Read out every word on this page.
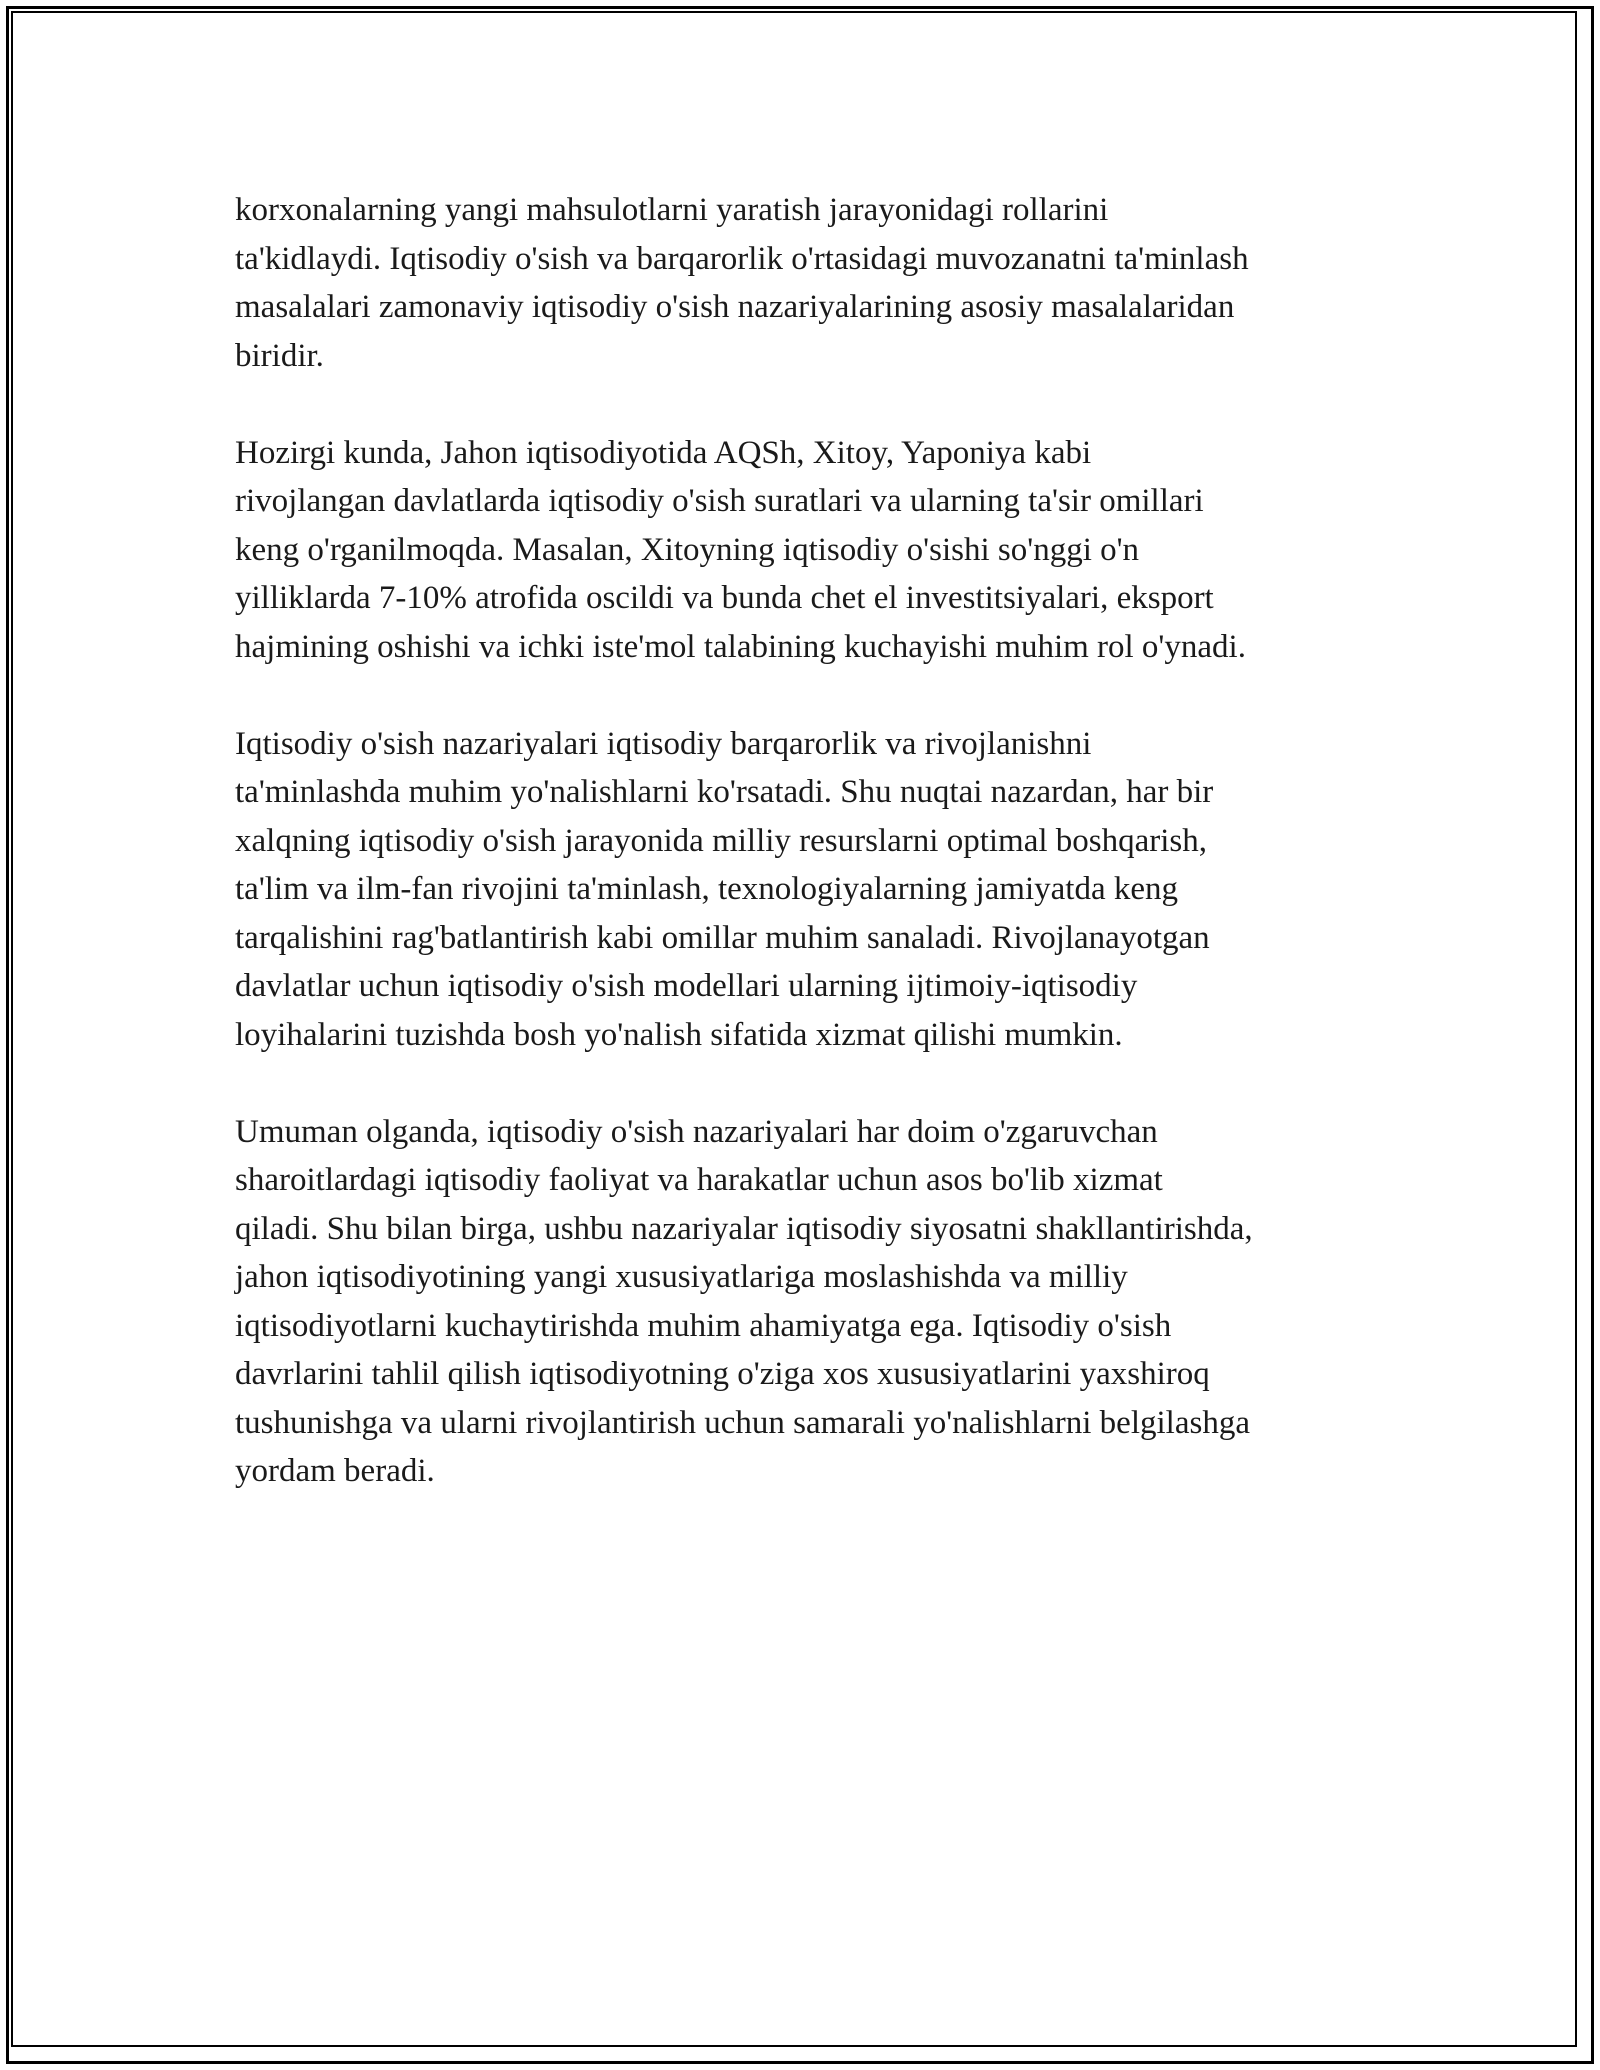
korxonalarning yangi mahsulotlarni yaratish jarayonidagi rollarini
ta'kidlaydi. Iqtisodiy o'sish va barqarorlik o'rtasidagi muvozanatni ta'minlash
masalalari zamonaviy iqtisodiy o'sish nazariyalarining asosiy masalalaridan
biridir.

Hozirgi kunda, Jahon iqtisodiyotida AQSh, Xitoy, Yaponiya kabi
rivojlangan davlatlarda iqtisodiy o'sish suratlari va ularning ta'sir omillari
keng o'rganilmoqda. Masalan, Xitoyning iqtisodiy o'sishi so'nggi o'n
yilliklarda 7-10% atrofida oscildi va bunda chet el investitsiyalari, eksport
hajmining oshishi va ichki iste'mol talabining kuchayishi muhim rol o'ynadi.

Iqtisodiy o'sish nazariyalari iqtisodiy barqarorlik va rivojlanishni
ta'minlashda muhim yo'nalishlarni ko'rsatadi. Shu nuqtai nazardan, har bir
xalqning iqtisodiy o'sish jarayonida milliy resurslarni optimal boshqarish,
ta'lim va ilm-fan rivojini ta'minlash, texnologiyalarning jamiyatda keng
tarqalishini rag'batlantirish kabi omillar muhim sanaladi. Rivojlanayotgan
davlatlar uchun iqtisodiy o'sish modellari ularning ijtimoiy-iqtisodiy
loyihalarini tuzishda bosh yo'nalish sifatida xizmat qilishi mumkin.

Umuman olganda, iqtisodiy o'sish nazariyalari har doim o'zgaruvchan
sharoitlardagi iqtisodiy faoliyat va harakatlar uchun asos bo'lib xizmat
qiladi. Shu bilan birga, ushbu nazariyalar iqtisodiy siyosatni shakllantirishda,
jahon iqtisodiyotining yangi xususiyatlariga moslashishda va milliy
iqtisodiyotlarni kuchaytirishda muhim ahamiyatga ega. Iqtisodiy o'sish
davrlarini tahlil qilish iqtisodiyotning o'ziga xos xususiyatlarini yaxshiroq
tushunishga va ularni rivojlantirish uchun samarali yo'nalishlarni belgilashga
yordam beradi.
